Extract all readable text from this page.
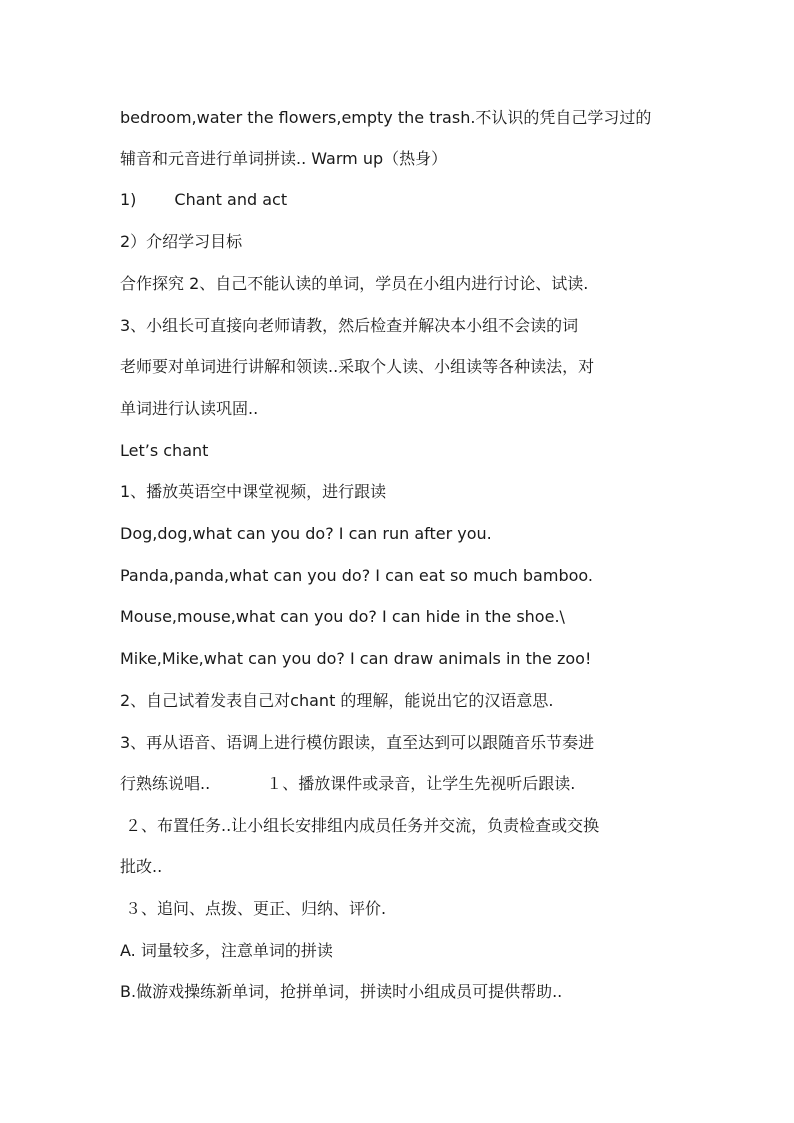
bedroom,water the flowers,empty the trash.不认识的凭自己学习过的
辅音和元音进行单词拼读.. Warm up（热身）
1) Chant and act
2）介绍学习目标
合作探究 2、自己不能认读的单词，学员在小组内进行讨论、试读.
3、小组长可直接向老师请教，然后检查并解决本小组不会读的词
老师要对单词进行讲解和领读..采取个人读、小组读等各种读法，对
单词进行认读巩固..
Let’s chant
1、播放英语空中课堂视频，进行跟读
Dog,dog,what can you do? I can run after you.
Panda,panda,what can you do? I can eat so much bamboo.
Mouse,mouse,what can you do? I can hide in the shoe.\
Mike,Mike,what can you do? I can draw animals in the zoo!
2、自己试着发表自己对chant 的理解，能说出它的汉语意思.
3、再从语音、语调上进行模仿跟读，直至达到可以跟随音乐节奏进
行熟练说唱..	１、播放课件或录音，让学生先视听后跟读.
２、布置任务..让小组长安排组内成员任务并交流，负责检查或交换
批改..
３、追问、点拨、更正、归纳、评价.
A. 词量较多，注意单词的拼读
B.做游戏操练新单词，抢拼单词，拼读时小组成员可提供帮助..
